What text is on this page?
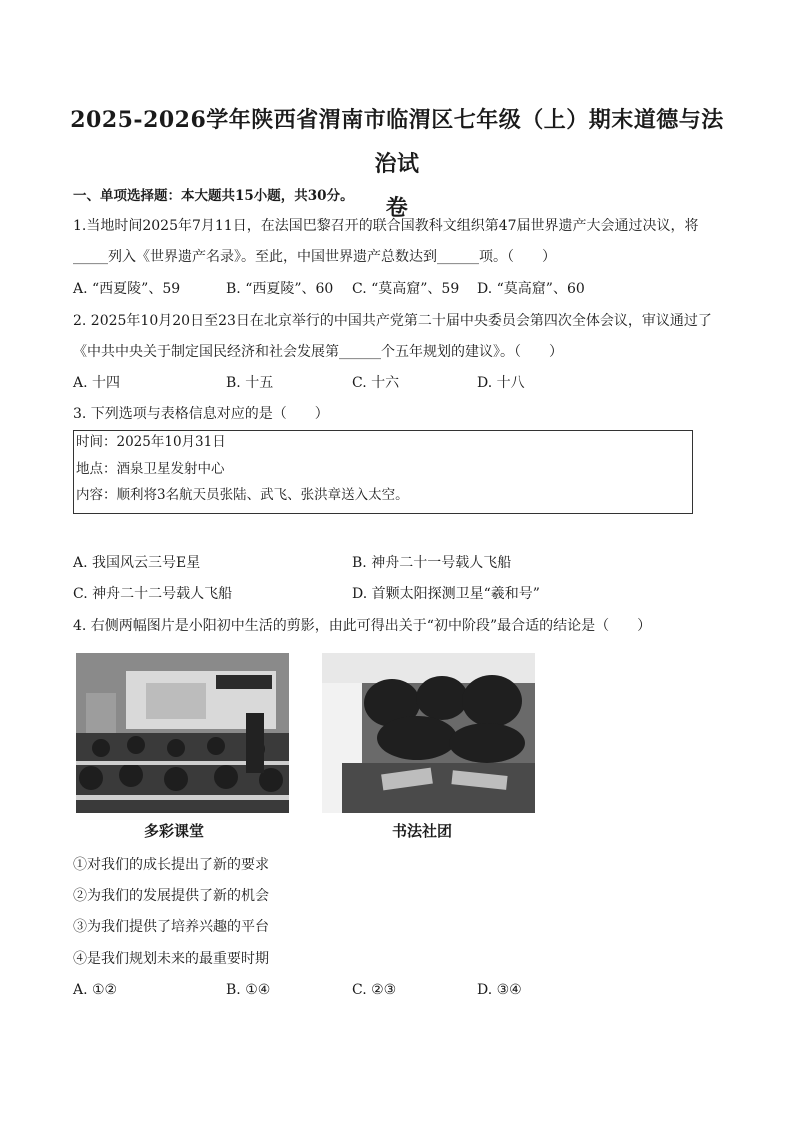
2025-2026学年陕西省渭南市临渭区七年级（上）期末道德与法治试
卷
一、单项选择题：本大题共15小题，共30分。
1.当地时间2025年7月11日，在法国巴黎召开的联合国教科文组织第47届世界遗产大会通过决议，将
_____列入《世界遗产名录》。至此，中国世界遗产总数达到______项。（　　）
A. “西夏陵”、59	B. “西夏陵”、60 C. “莫高窟”、59 D. “莫高窟”、60
2. 2025年10月20日至23日在北京举行的中国共产党第二十届中央委员会第四次全体会议，审议通过了
《中共中央关于制定国民经济和社会发展第______个五年规划的建议》。（　　）
A. 十四	B. 十五	C. 十六	D. 十八
3. 下列选项与表格信息对应的是（　　）
时间：2025年10月31日
地点：酒泉卫星发射中心
内容：顺利将3名航天员张陆、武飞、张洪章送入太空。
A. 我国风云三号E星	B. 神舟二十一号载人飞船
C. 神舟二十二号载人飞船	D. 首颗太阳探测卫星“羲和号”
4. 右侧两幅图片是小阳初中生活的剪影，由此可得出关于“初中阶段”最合适的结论是（　　）
多彩课堂	书法社团
①对我们的成长提出了新的要求
②为我们的发展提供了新的机会
③为我们提供了培养兴趣的平台
④是我们规划未来的最重要时期
A. ①②	B. ①④	C. ②③	D. ③④
